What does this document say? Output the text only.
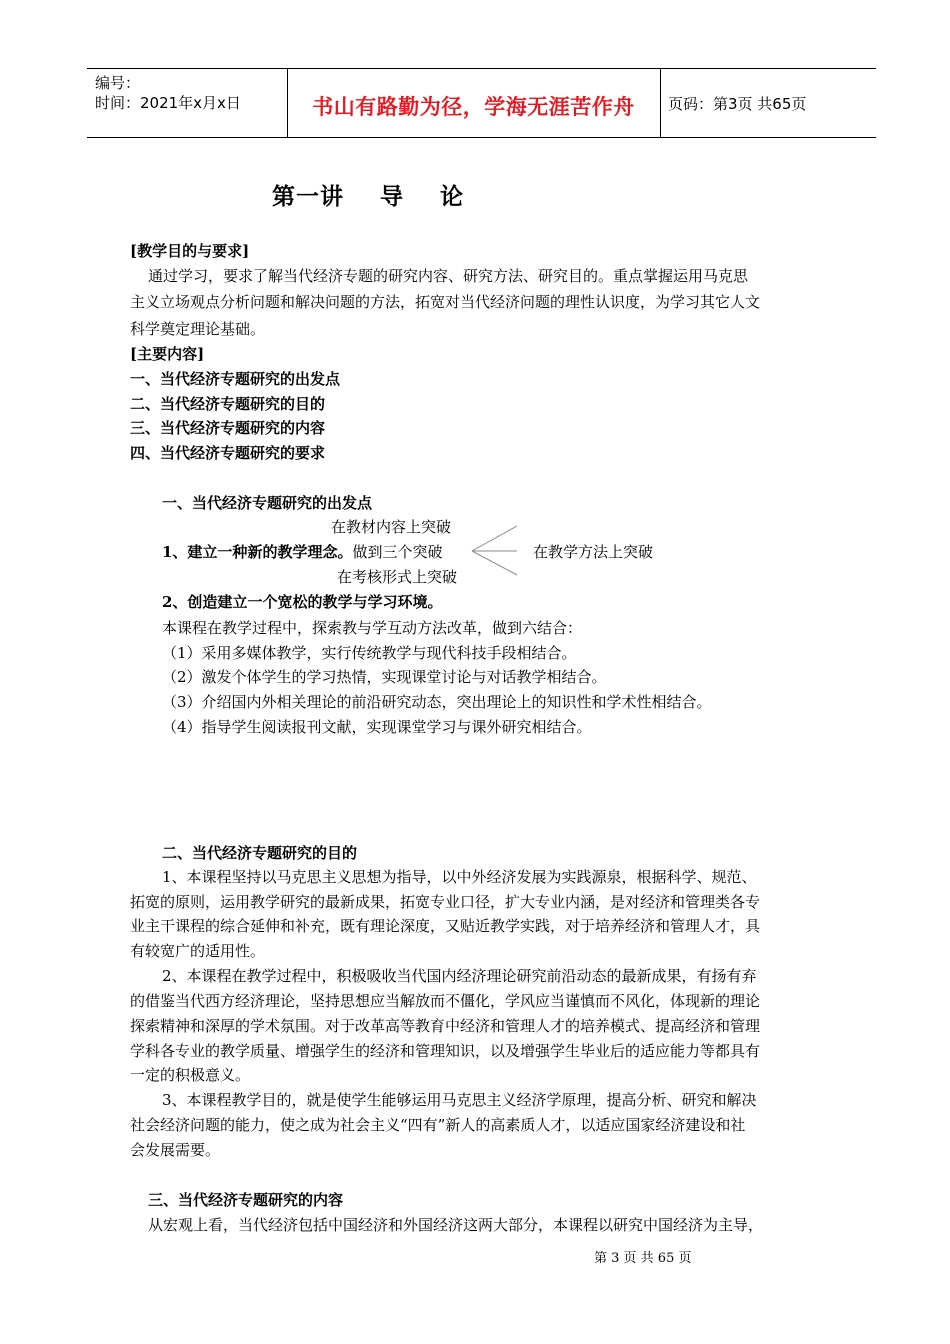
编号：
时间：2021年x月x日	书山有路勤为径，学海无涯苦作舟	页码：第3页 共65页
第一讲    导    论
[教学目的与要求]
通过学习，要求了解当代经济专题的研究内容、研究方法、研究目的。重点掌握运用马克思
主义立场观点分析问题和解决问题的方法，拓宽对当代经济问题的理性认识度，为学习其它人文
科学奠定理论基础。
[主要内容]
一、当代经济专题研究的出发点
二、当代经济专题研究的目的
三、当代经济专题研究的内容
四、当代经济专题研究的要求
一、当代经济专题研究的出发点
在教材内容上突破
1、建立一种新的教学理念。做到三个突破	在教学方法上突破
在考核形式上突破
2、创造建立一个宽松的教学与学习环境。
本课程在教学过程中，探索教与学互动方法改革，做到六结合：
（1）采用多媒体教学，实行传统教学与现代科技手段相结合。
（2）激发个体学生的学习热情，实现课堂讨论与对话教学相结合。
（3）介绍国内外相关理论的前沿研究动态，突出理论上的知识性和学术性相结合。
（4）指导学生阅读报刊文献，实现课堂学习与课外研究相结合。
二、当代经济专题研究的目的
1、本课程坚持以马克思主义思想为指导，以中外经济发展为实践源泉，根据科学、规范、
拓宽的原则，运用教学研究的最新成果，拓宽专业口径，扩大专业内涵，是对经济和管理类各专
业主干课程的综合延伸和补充，既有理论深度，又贴近教学实践，对于培养经济和管理人才，具
有较宽广的适用性。
2、本课程在教学过程中，积极吸收当代国内经济理论研究前沿动态的最新成果，有扬有弃
的借鉴当代西方经济理论，坚持思想应当解放而不僵化，学风应当谨慎而不风化，体现新的理论
探索精神和深厚的学术氛围。对于改革高等教育中经济和管理人才的培养模式、提高经济和管理
学科各专业的教学质量、增强学生的经济和管理知识，以及增强学生毕业后的适应能力等都具有
一定的积极意义。
3、本课程教学目的，就是使学生能够运用马克思主义经济学原理，提高分析、研究和解决
社会经济问题的能力，使之成为社会主义“四有”新人的高素质人才，以适应国家经济建设和社
会发展需要。
三、当代经济专题研究的内容
从宏观上看，当代经济包括中国经济和外国经济这两大部分，本课程以研究中国经济为主导，
第 3 页 共 65 页
